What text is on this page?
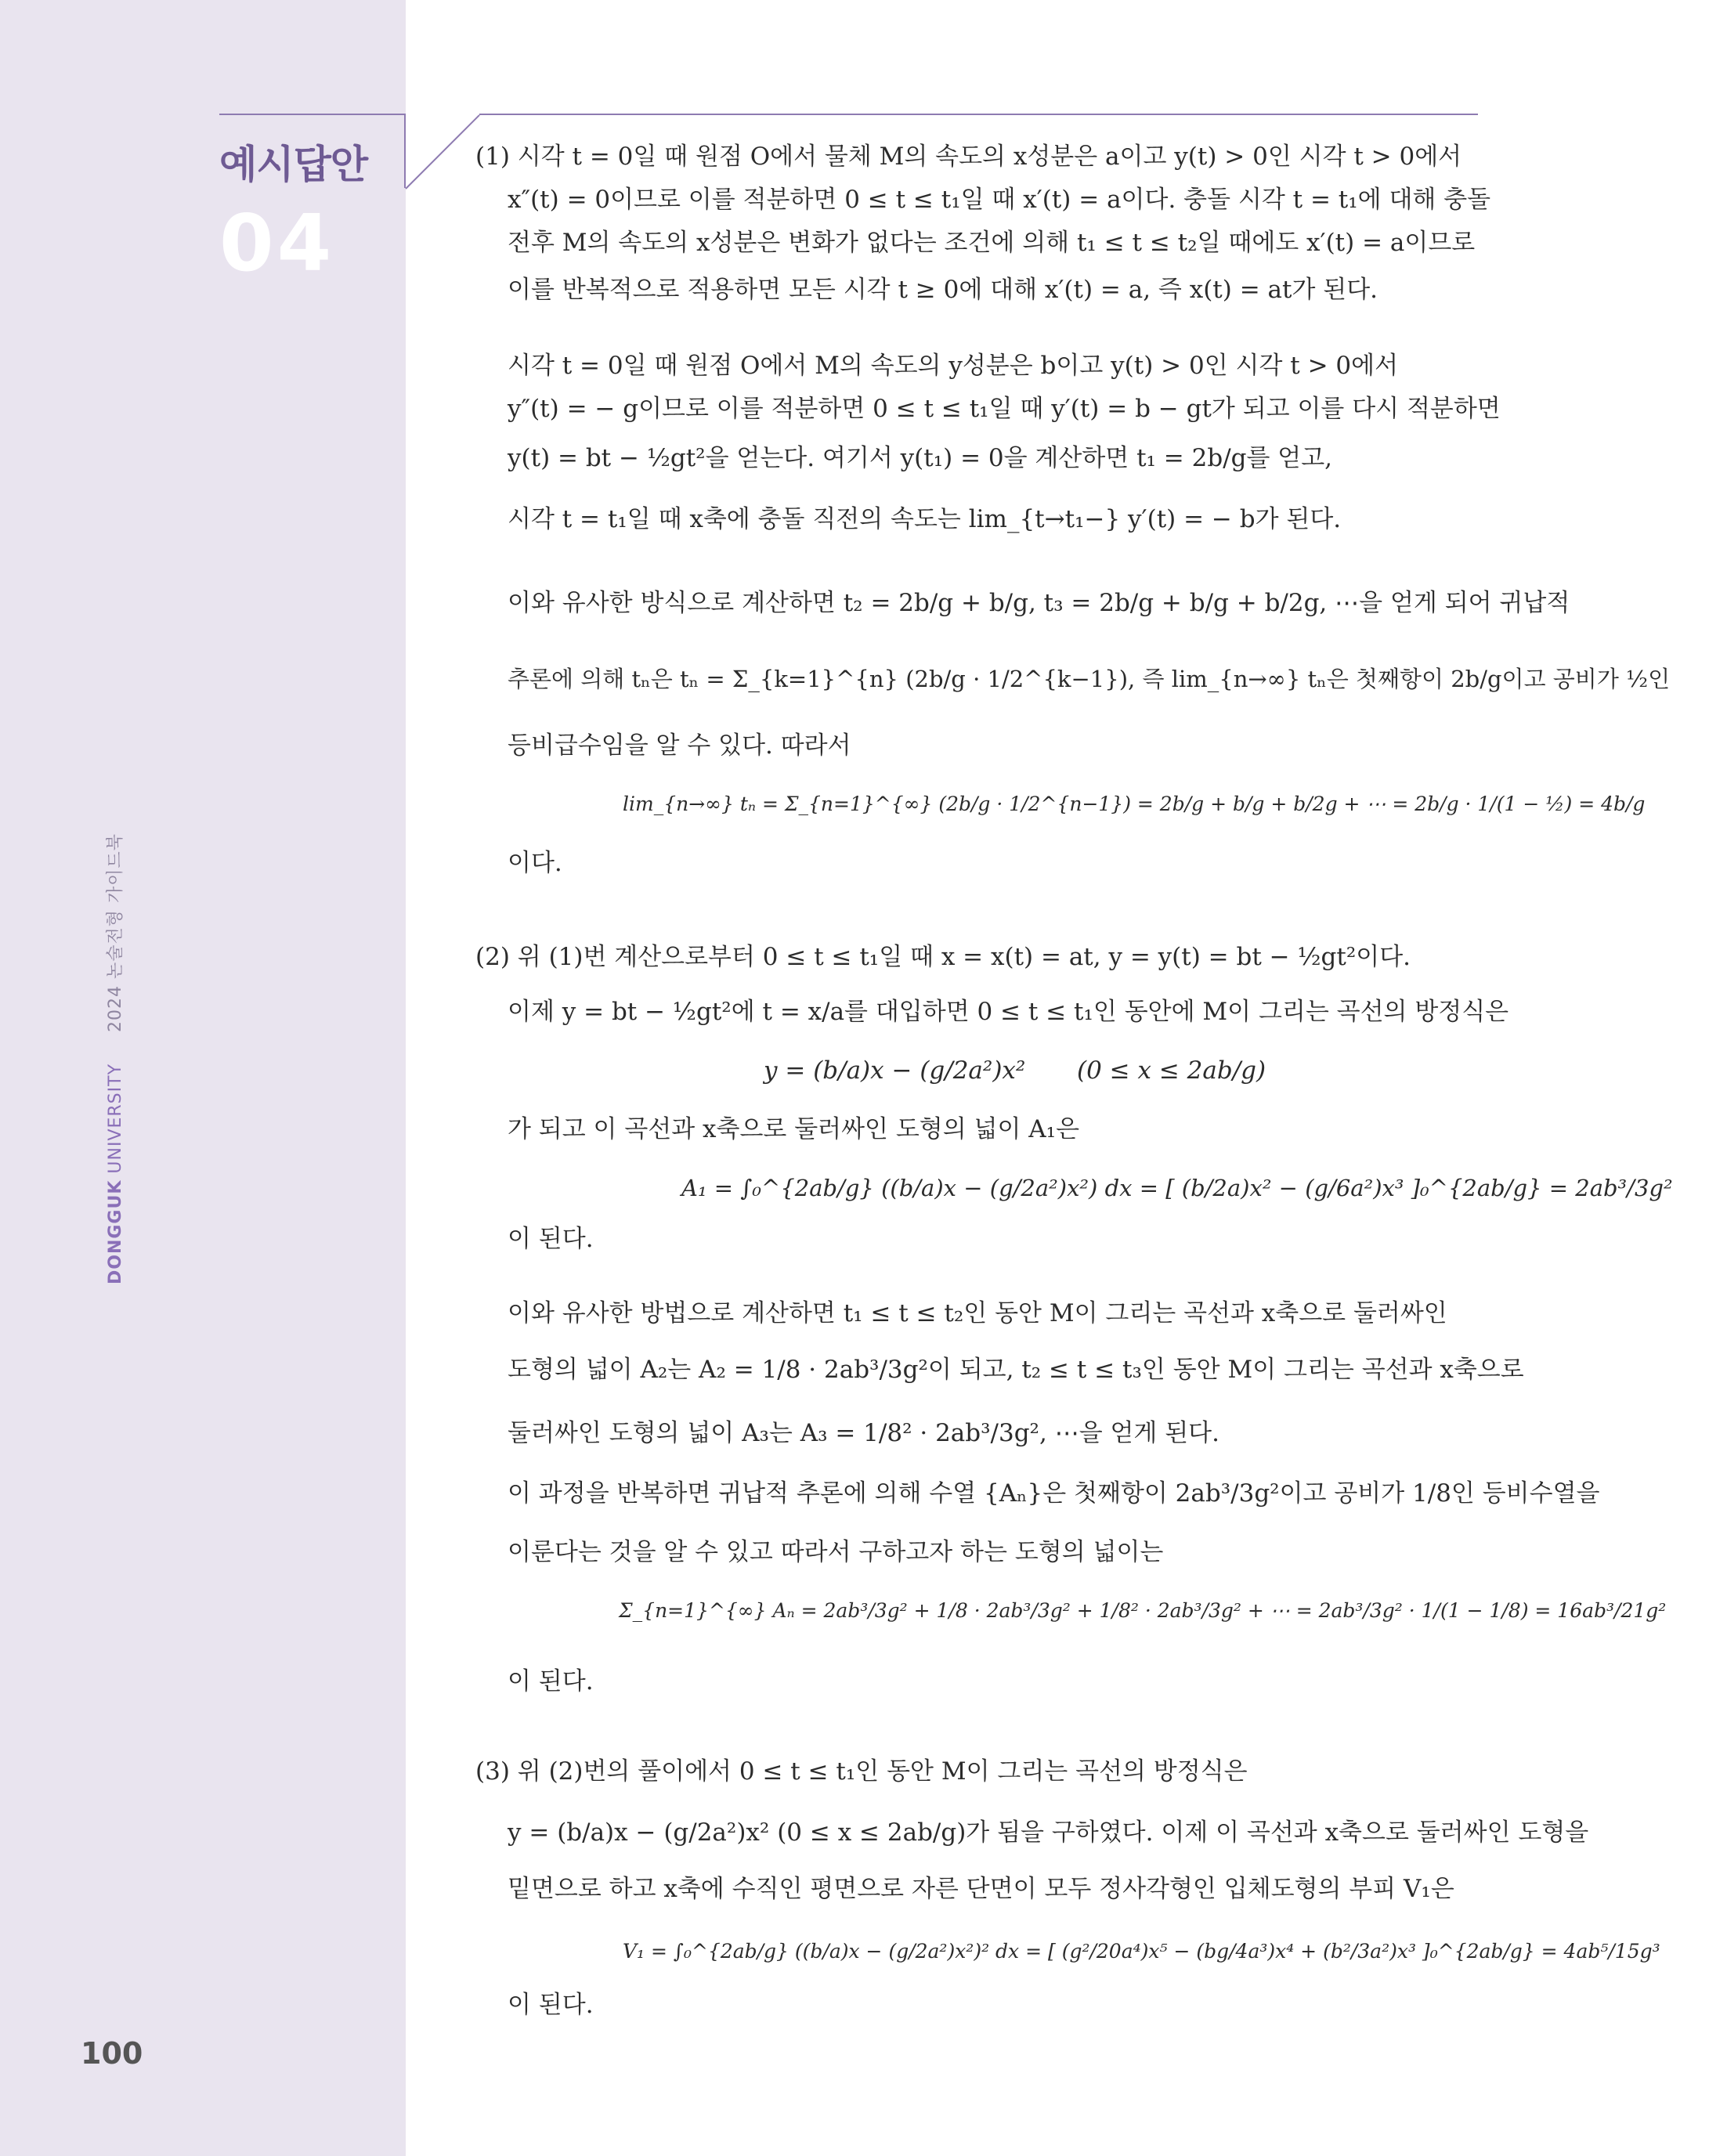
예시답안
04
DONGGUK UNIVERSITY2024 논술전형 가이드북
100
(1) 시각 t = 0일 때 원점 O에서 물체 M의 속도의 x성분은 a이고 y(t) > 0인 시각 t > 0에서
x″(t) = 0이므로 이를 적분하면 0 ≤ t ≤ t₁일 때 x′(t) = a이다. 충돌 시각 t = t₁에 대해 충돌
전후 M의 속도의 x성분은 변화가 없다는 조건에 의해 t₁ ≤ t ≤ t₂일 때에도 x′(t) = a이므로
이를 반복적으로 적용하면 모든 시각 t ≥ 0에 대해 x′(t) = a, 즉 x(t) = at가 된다.
시각 t = 0일 때 원점 O에서 M의 속도의 y성분은 b이고 y(t) > 0인 시각 t > 0에서
y″(t) = − g이므로 이를 적분하면 0 ≤ t ≤ t₁일 때 y′(t) = b − gt가 되고 이를 다시 적분하면
y(t) = bt − ½gt²을 얻는다. 여기서 y(t₁) = 0을 계산하면 t₁ = 2b/g를 얻고,
시각 t = t₁일 때 x축에 충돌 직전의 속도는 lim_{t→t₁−} y′(t) = − b가 된다.
이와 유사한 방식으로 계산하면 t₂ = 2b/g + b/g, t₃ = 2b/g + b/g + b/2g, ⋯을 얻게 되어 귀납적
추론에 의해 tₙ은 tₙ = Σ_{k=1}^{n} (2b/g · 1/2^{k−1}), 즉 lim_{n→∞} tₙ은 첫째항이 2b/g이고 공비가 ½인
등비급수임을 알 수 있다. 따라서
lim_{n→∞} tₙ = Σ_{n=1}^{∞} (2b/g · 1/2^{n−1}) = 2b/g + b/g + b/2g + ⋯ = 2b/g · 1/(1 − ½) = 4b/g
이다.
(2) 위 (1)번 계산으로부터 0 ≤ t ≤ t₁일 때 x = x(t) = at, y = y(t) = bt − ½gt²이다.
이제 y = bt − ½gt²에 t = x/a를 대입하면 0 ≤ t ≤ t₁인 동안에 M이 그리는 곡선의 방정식은
y = (b/a)x − (g/2a²)x² (0 ≤ x ≤ 2ab/g)
가 되고 이 곡선과 x축으로 둘러싸인 도형의 넓이 A₁은
A₁ = ∫₀^{2ab/g} ((b/a)x − (g/2a²)x²) dx = [ (b/2a)x² − (g/6a²)x³ ]₀^{2ab/g} = 2ab³/3g²
이 된다.
이와 유사한 방법으로 계산하면 t₁ ≤ t ≤ t₂인 동안 M이 그리는 곡선과 x축으로 둘러싸인
도형의 넓이 A₂는 A₂ = 1/8 · 2ab³/3g²이 되고, t₂ ≤ t ≤ t₃인 동안 M이 그리는 곡선과 x축으로
둘러싸인 도형의 넓이 A₃는 A₃ = 1/8² · 2ab³/3g², ⋯을 얻게 된다.
이 과정을 반복하면 귀납적 추론에 의해 수열 {Aₙ}은 첫째항이 2ab³/3g²이고 공비가 1/8인 등비수열을
이룬다는 것을 알 수 있고 따라서 구하고자 하는 도형의 넓이는
Σ_{n=1}^{∞} Aₙ = 2ab³/3g² + 1/8 · 2ab³/3g² + 1/8² · 2ab³/3g² + ⋯ = 2ab³/3g² · 1/(1 − 1/8) = 16ab³/21g²
이 된다.
(3) 위 (2)번의 풀이에서 0 ≤ t ≤ t₁인 동안 M이 그리는 곡선의 방정식은
y = (b/a)x − (g/2a²)x² (0 ≤ x ≤ 2ab/g)가 됨을 구하였다. 이제 이 곡선과 x축으로 둘러싸인 도형을
밑면으로 하고 x축에 수직인 평면으로 자른 단면이 모두 정사각형인 입체도형의 부피 V₁은
V₁ = ∫₀^{2ab/g} ((b/a)x − (g/2a²)x²)² dx = [ (g²/20a⁴)x⁵ − (bg/4a³)x⁴ + (b²/3a²)x³ ]₀^{2ab/g} = 4ab⁵/15g³
이 된다.
